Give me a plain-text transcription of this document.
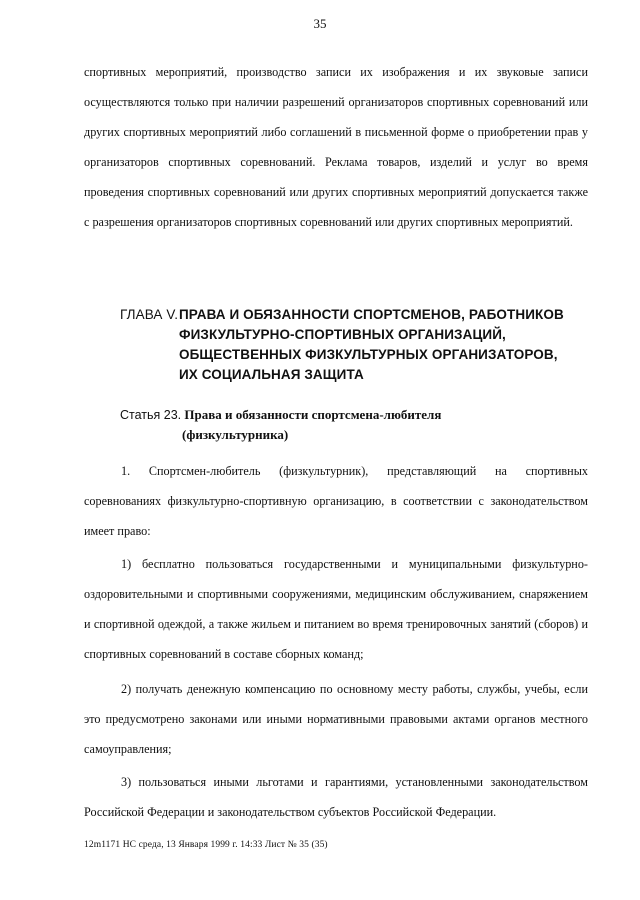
35
спортивных мероприятий, производство записи их изображения и их звуковые записи осуществляются только при наличии разрешений организаторов спортивных соревнований или других спортивных мероприятий либо соглашений в письменной форме о приобретении прав у организаторов спортивных соревнований. Реклама товаров, изделий и услуг во время проведения спортивных соревнований или других спортивных мероприятий допускается также с разрешения организаторов спортивных соревнований или других спортивных мероприятий.
ГЛАВА V. ПРАВА И ОБЯЗАННОСТИ СПОРТСМЕНОВ, РАБОТНИКОВ
ФИЗКУЛЬТУРНО-СПОРТИВНЫХ ОРГАНИЗАЦИЙ,
ОБЩЕСТВЕННЫХ ФИЗКУЛЬТУРНЫХ ОРГАНИЗАТОРОВ,
ИХ СОЦИАЛЬНАЯ ЗАЩИТА
Статья 23. Права и обязанности спортсмена-любителя
(физкультурника)
1. Спортсмен-любитель (физкультурник), представляющий на спортивных соревнованиях физкультурно-спортивную организацию, в соответствии с законодательством имеет право:
1) бесплатно пользоваться государственными и муниципальными физкультурно-оздоровительными и спортивными сооружениями, медицинским обслуживанием, снаряжением и спортивной одеждой, а также жильем и питанием во время тренировочных занятий (сборов) и спортивных соревнований в составе сборных команд;
2) получать денежную компенсацию по основному месту работы, службы, учебы, если это предусмотрено законами или иными нормативными правовыми актами органов местного самоуправления;
3) пользоваться иными льготами и гарантиями, установленными законодательством Российской Федерации и законодательством субъектов Российской Федерации.
12m1171 НС среда, 13 Января 1999 г. 14:33 Лист № 35 (35)
